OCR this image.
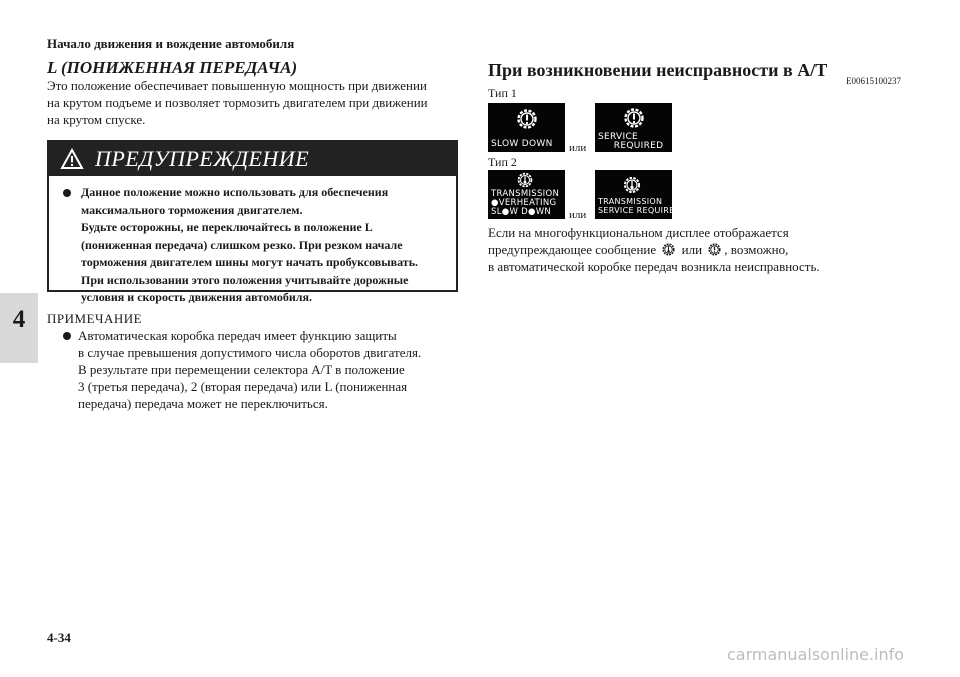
Начало движения и вождение автомобиля
4
L (ПОНИЖЕННАЯ ПЕРЕДАЧА)
Это положение обеспечивает повышенную мощность при движении
на крутом подъеме и позволяет тормозить двигателем при движении
на крутом спуске.
ПРЕДУПРЕЖДЕНИЕ
Данное положение можно использовать для обеспечения
максимального торможения двигателем.
Будьте осторожны, не переключайтесь в положение L
(пониженная передача) слишком резко. При резком начале
торможения двигателем шины могут начать пробуксовывать.
При использовании этого положения учитывайте дорожные
условия и скорость движения автомобиля.
ПРИМЕЧАНИЕ
Автоматическая коробка передач имеет функцию защиты
в случае превышения допустимого числа оборотов двигателя.
В результате при перемещении селектора A/T в положение
3 (третья передача), 2 (вторая передача) или L (пониженная
передача) передача может не переключиться.
При возникновении неисправности в A/T
E00615100237
Тип 1
SLOW DOWN или
SERVICE
REQUIRED
Тип 2
TRANSMISSION
●VERHEATING
SL●W D●WN	или
TRANSMISSION
SERVICE REQUIRED
Если на многофункциональном дисплее отображается
предупреждающее сообщение или , возможно,
в автоматической коробке передач возникла неисправность.
4-34
carmanualsonline.info
